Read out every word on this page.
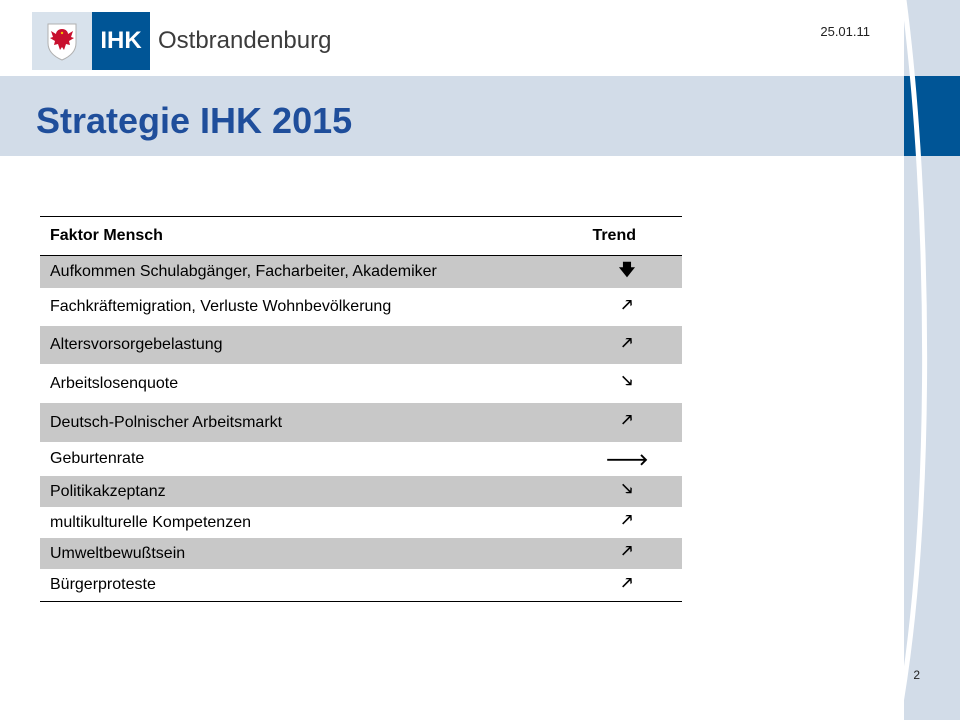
IHK Ostbrandenburg	25.01.11
Strategie IHK 2015
Faktor Mensch	Trend
Aufkommen Schulabgänger, Facharbeiter, Akademiker	🡇
Fachkräftemigration, Verluste Wohnbevölkerung	🡕
Altersvorsorgebelastung	🡕
Arbeitslosenquote	🡖
Deutsch-Polnischer Arbeitsmarkt	🡕
Geburtenrate	🡒
Politikakzeptanz	🡖
multikulturelle Kompetenzen	🡕
Umweltbewußtsein	🡕
Bürgerproteste	🡕
2
